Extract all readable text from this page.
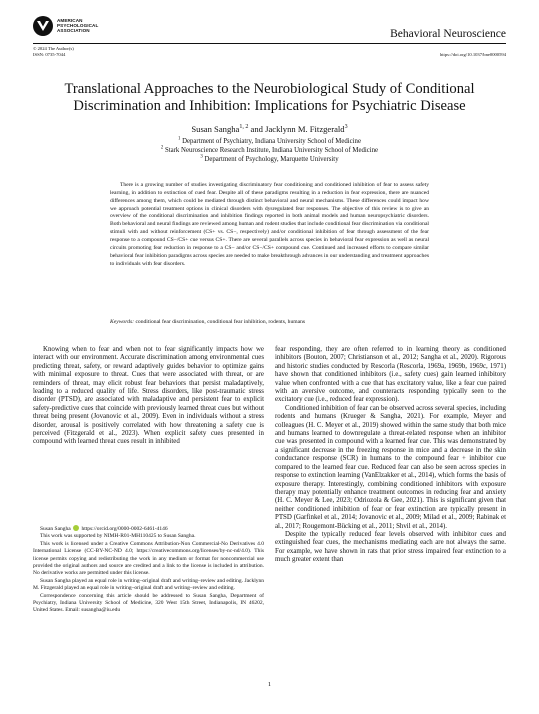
AMERICAN
PSYCHOLOGICAL
ASSOCIATION	Behavioral Neuroscience
© 2024 The Author(s)
ISSN: 0735-7044	https://doi.org/10.1037/bne0000594
Translational Approaches to the Neurobiological Study of Conditional Discrimination and Inhibition: Implications for Psychiatric Disease
Susan Sangha$^{1, 2}$ and Jacklynn M. Fitzgerald$^3$
$^1$ Department of Psychiatry, Indiana University School of Medicine
$^2$ Stark Neuroscience Research Institute, Indiana University School of Medicine
$^3$ Department of Psychology, Marquette University
There is a growing number of studies investigating discriminatory fear conditioning and conditioned inhibition of fear to assess safety learning, in addition to extinction of cued fear. Despite all of these paradigms resulting in a reduction in fear expression, there are nuanced differences among them, which could be mediated through distinct behavioral and neural mechanisms. These differences could impact how we approach potential treatment options in clinical disorders with dysregulated fear responses. The objective of this review is to give an overview of the conditional discrimination and inhibition findings reported in both animal models and human neuropsychiatric disorders. Both behavioral and neural findings are reviewed among human and rodent studies that include conditional fear discrimination via conditional stimuli with and without reinforcement (CS+ vs. CS−, respectively) and/or conditional inhibition of fear through assessment of the fear response to a compound CS−/CS+ cue versus CS+. There are several parallels across species in behavioral fear expression as well as neural circuits promoting fear reduction in response to a CS− and/or CS−/CS+ compound cue. Continued and increased efforts to compare similar behavioral fear inhibition paradigms across species are needed to make breakthrough advances in our understanding and treatment approaches to individuals with fear disorders.
Keywords: conditional fear discrimination, conditional fear inhibition, rodents, humans

Knowing when to fear and when not to fear significantly impacts how we interact with our environment. Accurate discrimination among environmental cues predicting threat, safety, or reward adaptively guides behavior to optimize gains with minimal exposure to threat. Cues that were associated with threat, or are reminders of threat, may elicit robust fear behaviors that persist maladaptively, leading to a reduced quality of life. Stress disorders, like post-traumatic stress disorder (PTSD), are associated with maladaptive and persistent fear to explicit safety-predictive cues that coincide with previously learned threat cues but without threat being present (Jovanovic et al., 2009). Even in individuals without a stress disorder, arousal is positively correlated with how threatening a safety cue is perceived (Fitzgerald et al., 2023). When explicit safety cues presented in compound with learned threat cues result in inhibited

fear responding, they are often referred to in learning theory as conditioned inhibitors (Bouton, 2007; Christianson et al., 2012; Sangha et al., 2020). Rigorous and historic studies conducted by Rescorla (Rescorla, 1969a, 1969b, 1969c, 1971) have shown that conditioned inhibitors (i.e., safety cues) gain learned inhibitory value when confronted with a cue that has excitatory value, like a fear cue paired with an aversive outcome, and counteracts responding typically seen to the excitatory cue (i.e., reduced fear expression).

Conditioned inhibition of fear can be observed across several species, including rodents and humans (Krueger & Sangha, 2021). For example, Meyer and colleagues (H. C. Meyer et al., 2019) showed within the same study that both mice and humans learned to downregulate a threat-related response when an inhibitor cue was presented in compound with a learned fear cue. This was demonstrated by a significant decrease in the freezing response in mice and a decrease in the skin conductance response (SCR) in humans to the compound fear + inhibitor cue compared to the learned fear cue. Reduced fear can also be seen across species in response to extinction learning (VanElzakker et al., 2014), which forms the basis of exposure therapy. Interestingly, combining conditioned inhibitors with exposure therapy may potentially enhance treatment outcomes in reducing fear and anxiety (H. C. Meyer & Lee, 2023; Odriozola & Gee, 2021). This is significant given that neither conditioned inhibition of fear or fear extinction are typically present in PTSD (Garfinkel et al., 2014; Jovanovic et al., 2009; Milad et al., 2009; Rabinak et al., 2017; Rougemont-Bücking et al., 2011; Shvil et al., 2014).

Despite the typically reduced fear levels observed with inhibitor cues and extinguished fear cues, the mechanisms mediating each are not always the same. For example, we have shown in rats that prior stress impaired fear extinction to a much greater extent than

Susan Sangha https://orcid.org/0000-0002-6461-4146

This work was supported by NIMH-R01-MH110425 to Susan Sangha.

This work is licensed under a Creative Commons Attribution-Non Commercial-No Derivatives 4.0 International License (CC-BY-NC-ND 4.0; https://creativecommons.org/licenses/by-nc-nd/4.0). This license permits copying and redistributing the work in any medium or format for noncommercial use provided the original authors and source are credited and a link to the license is included in attribution. No derivative works are permitted under this license.

Susan Sangha played an equal role in writing–original draft and writing–review and editing. Jacklynn M. Fitzgerald played an equal role in writing–original draft and writing–review and editing.

Correspondence concerning this article should be addressed to Susan Sangha, Department of Psychiatry, Indiana University School of Medicine, 320 West 15th Street, Indianapolis, IN 46202, United States. Email: susangha@iu.edu

1
